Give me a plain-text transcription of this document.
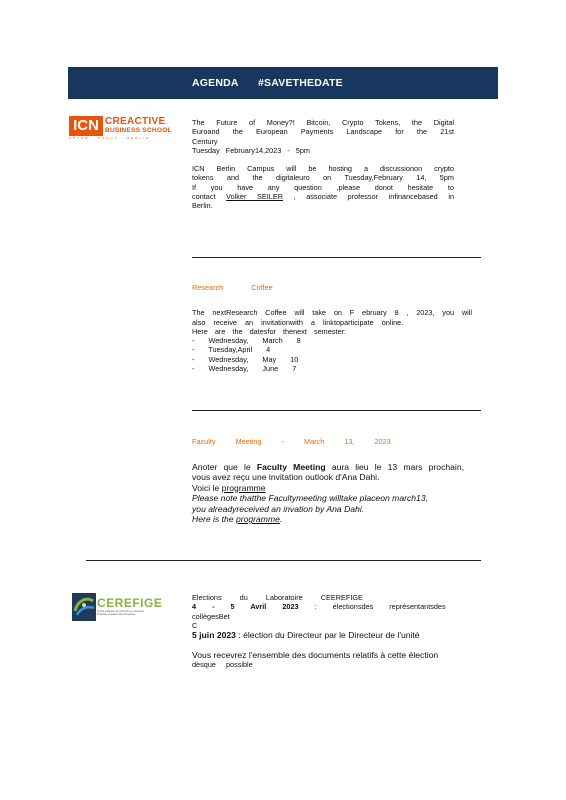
AGENDA #SAVETHEDATE
ICN CREACTIVE
BUSINESS SCHOOL
ARTEM · NANCY · BERLIN

The Future of Money?! Bitcoin, Crypto Tokens, the Digital

Euroand the European Payments Landscape for the 21st

Century

Tuesday February14,2023 - 5pm

ICN Berlin Campus will be hosting a discussionon crypto

tokens and the digitaleuro on Tuesday,February 14, 5pm

If you have any question ,please donot hesitate to

contact Volker SEILER , associate professor infinancebased in

Berlin.

Research Coffee

The nextResearch Coffee will take on F ebruary 8 , 2023, you will

also receive an invitationwith a linktoparticipate online.

Here are the datesfor thenext semester:

- Wednesday, March 8

- Tuesday,April 4

- Wednesday, May 10

- Wednesday, June 7

Faculty Meeting - March 13, 2023

Anoter que le Faculty Meeting aura lieu le 13 mars prochain,

vous avez reçu une invitation outlook d'Ana Dahi.

Voici le programme

Please note thatthe Facultymeeting willtake placeon march13,

you alreadyreceived an invation by Ana Dahi.

Here is the programme.

CEREFIGE
Centre européen de recherche en économie financière et gestion des entreprises

Elections du Laboratoire CEEREFIGE

4 - 5 Avril 2023 : électionsdes représentantsdes collègesBet

C

5 juin 2023 : élection du Directeur par le Directeur de l'unité

Vous recevrez l'ensemble des documents relatifs à cette élection

dèsque possible
